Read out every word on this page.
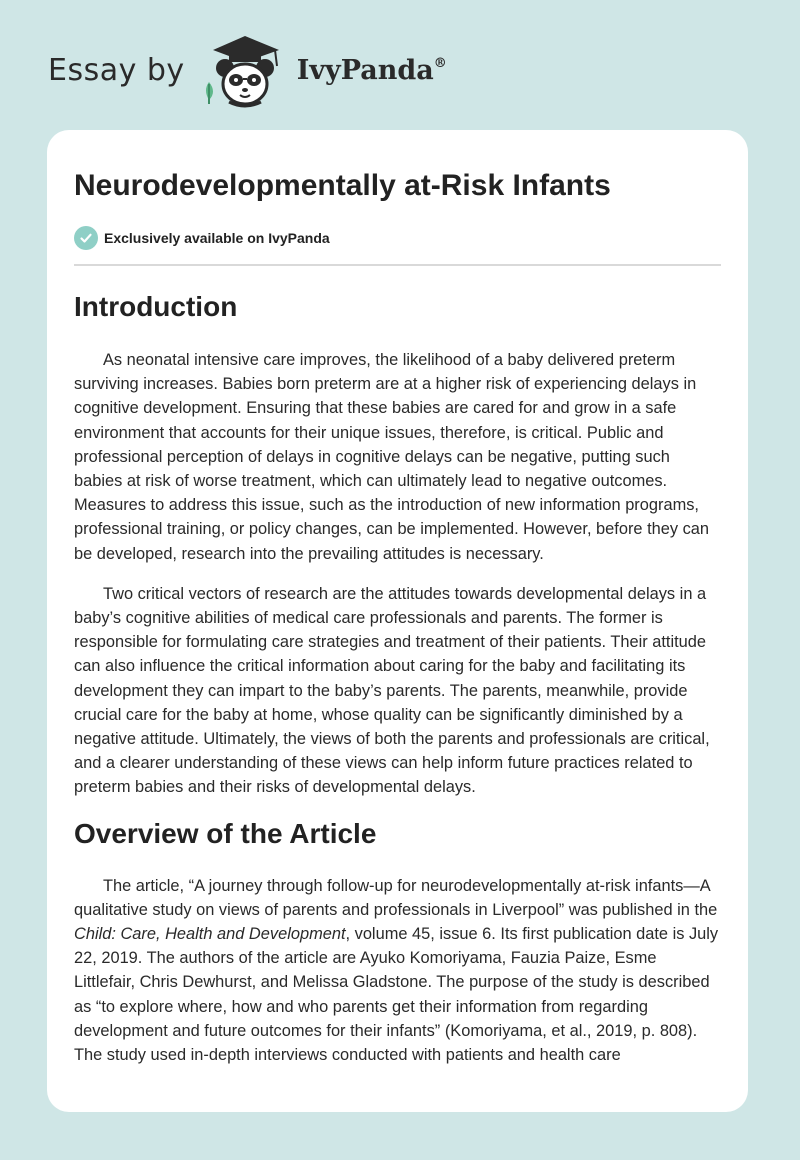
Essay by	IvyPanda®
Neurodevelopmentally at-Risk Infants
Exclusively available on IvyPanda
Introduction

As neonatal intensive care improves, the likelihood of a baby delivered preterm surviving increases. Babies born preterm are at a higher risk of experiencing delays in cognitive development. Ensuring that these babies are cared for and grow in a safe environment that accounts for their unique issues, therefore, is critical. Public and professional perception of delays in cognitive delays can be negative, putting such babies at risk of worse treatment, which can ultimately lead to negative outcomes. Measures to address this issue, such as the introduction of new information programs, professional training, or policy changes, can be implemented. However, before they can be developed, research into the prevailing attitudes is necessary.

Two critical vectors of research are the attitudes towards developmental delays in a baby’s cognitive abilities of medical care professionals and parents. The former is responsible for formulating care strategies and treatment of their patients. Their attitude can also influence the critical information about caring for the baby and facilitating its development they can impart to the baby’s parents. The parents, meanwhile, provide crucial care for the baby at home, whose quality can be significantly diminished by a negative attitude. Ultimately, the views of both the parents and professionals are critical, and a clearer understanding of these views can help inform future practices related to preterm babies and their risks of developmental delays.

Overview of the Article

The article, “A journey through follow-up for neurodevelopmentally at-risk infants—A qualitative study on views of parents and professionals in Liverpool” was published in the Child: Care, Health and Development, volume 45, issue 6. Its first publication date is July 22, 2019. The authors of the article are Ayuko Komoriyama, Fauzia Paize, Esme Littlefair, Chris Dewhurst, and Melissa Gladstone. The purpose of the study is described as “to explore where, how and who parents get their information from regarding development and future outcomes for their infants” (Komoriyama, et al., 2019, p. 808). The study used in-depth interviews conducted with patients and health care
